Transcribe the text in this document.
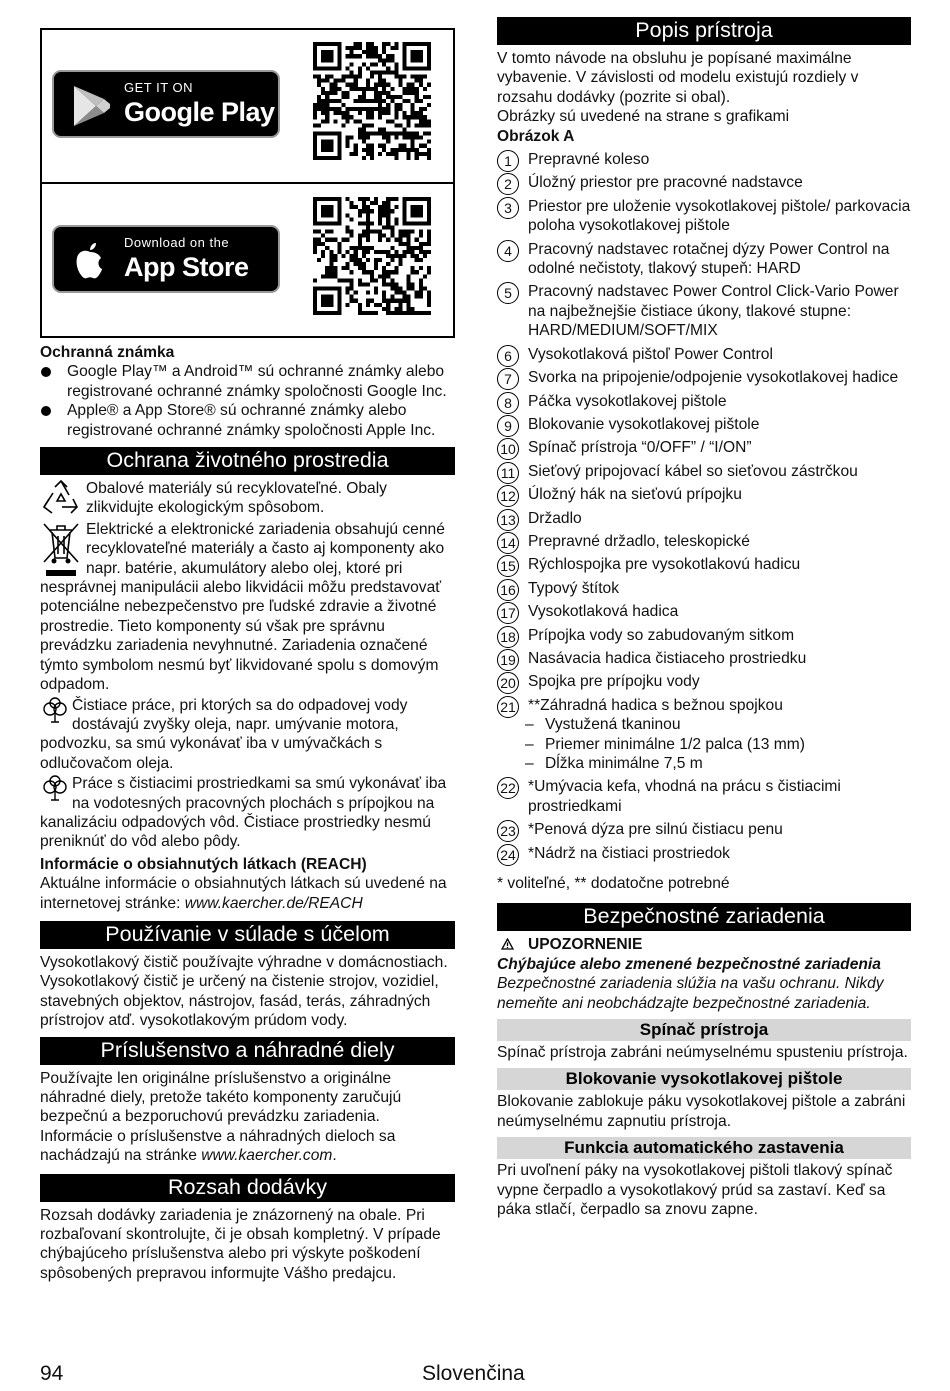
GET IT ON
Google Play
Download on the
App Store

Ochranná známka

Google Play™ a Android™ sú ochranné známky alebo registrované ochranné známky spoločnosti Google Inc.
Apple® a App Store® sú ochranné známky alebo registrované ochranné známky spoločnosti Apple Inc.
Ochrana životného prostredia
Obalové materiály sú recyklovateľné. Obaly zlikvidujte ekologickým spôsobom.
Elektrické a elektronické zariadenia obsahujú cenné recyklovateľné materiály a často aj komponenty ako napr. batérie, akumulátory alebo olej, ktoré pri nesprávnej manipulácii alebo likvidácii môžu predstavovať potenciálne nebezpečenstvo pre ľudské zdravie a životné prostredie. Tieto komponenty sú však pre správnu prevádzku zariadenia nevyhnutné. Zariadenia označené týmto symbolom nesmú byť likvidované spolu s domovým odpadom.
Čistiace práce, pri ktorých sa do odpadovej vody dostávajú zvyšky oleja, napr. umývanie motora, podvozku, sa smú vykonávať iba v umývačkách s odlučovačom oleja.
Práce s čistiacimi prostriedkami sa smú vykonávať iba na vodotesných pracovných plochách s prípojkou na kanalizáciu odpadových vôd. Čistiace prostriedky nesmú preniknúť do vôd alebo pôdy.

Informácie o obsiahnutých látkach (REACH)

Aktuálne informácie o obsiahnutých látkach sú uvedené na internetovej stránke: www.kaercher.de/REACH

Používanie v súlade s účelom

Vysokotlakový čistič používajte výhradne v domácnostiach.

Vysokotlakový čistič je určený na čistenie strojov, vozidiel, stavebných objektov, nástrojov, fasád, terás, záhradných prístrojov atď. vysokotlakovým prúdom vody.

Príslušenstvo a náhradné diely

Používajte len originálne príslušenstvo a originálne náhradné diely, pretože takéto komponenty zaručujú bezpečnú a bezporuchovú prevádzku zariadenia.

Informácie o príslušenstve a náhradných dieloch sa nachádzajú na stránke www.kaercher.com.

Rozsah dodávky

Rozsah dodávky zariadenia je znázornený na obale. Pri rozbaľovaní skontrolujte, či je obsah kompletný. V prípade chýbajúceho príslušenstva alebo pri výskyte poškodení spôsobených prepravou informujte Vášho predajcu.

Popis prístroja

V tomto návode na obsluhu je popísané maximálne vybavenie. V závislosti od modelu existujú rozdiely v rozsahu dodávky (pozrite si obal).

Obrázky sú uvedené na strane s grafikami

Obrázok A

1	Prepravné koleso
2	Úložný priestor pre pracovné nadstavce
3	Priestor pre uloženie vysokotlakovej pištole/ parkovacia poloha vysokotlakovej pištole
4	Pracovný nadstavec rotačnej dýzy Power Control na odolné nečistoty, tlakový stupeň: HARD
5	Pracovný nadstavec Power Control Click-Vario Power na najbežnejšie čistiace úkony, tlakové stupne: HARD/MEDIUM/SOFT/MIX
6	Vysokotlaková pištoľ Power Control
7	Svorka na pripojenie/odpojenie vysokotlakovej hadice
8	Páčka vysokotlakovej pištole
9	Blokovanie vysokotlakovej pištole
10 Spínač prístroja “0/OFF” / “I/ON”
11 Sieťový pripojovací kábel so sieťovou zástrčkou
12 Úložný hák na sieťovú prípojku
13 Držadlo
14 Prepravné držadlo, teleskopické
15 Rýchlospojka pre vysokotlakovú hadicu
16 Typový štítok
17 Vysokotlaková hadica
18 Prípojka vody so zabudovaným sitkom
19 Nasávacia hadica čistiaceho prostriedku
20 Spojka pre prípojku vody
21 **Záhradná hadica s bežnou spojkou
– Vystužená tkaninou
– Priemer minimálne 1/2 palca (13 mm)
– Dĺžka minimálne 7,5 m
22 *Umývacia kefa, vhodná na prácu s čistiacimi prostriedkami
23 *Penová dýza pre silnú čistiacu penu
24 *Nádrž na čistiaci prostriedok

* voliteľné, ** dodatočne potrebné

Bezpečnostné zariadenia

UPOZORNENIE

Chýbajúce alebo zmenené bezpečnostné zariadenia

Bezpečnostné zariadenia slúžia na vašu ochranu. Nikdy nemeňte ani neobchádzajte bezpečnostné zariadenia.

Spínač prístroja

Spínač prístroja zabráni neúmyselnému spusteniu prístroja.

Blokovanie vysokotlakovej pištole

Blokovanie zablokuje páku vysokotlakovej pištole a zabráni neúmyselnému zapnutiu prístroja.

Funkcia automatického zastavenia

Pri uvoľnení páky na vysokotlakovej pištoli tlakový spínač vypne čerpadlo a vysokotlakový prúd sa zastaví. Keď sa páka stlačí, čerpadlo sa znovu zapne.

94	Slovenčina
